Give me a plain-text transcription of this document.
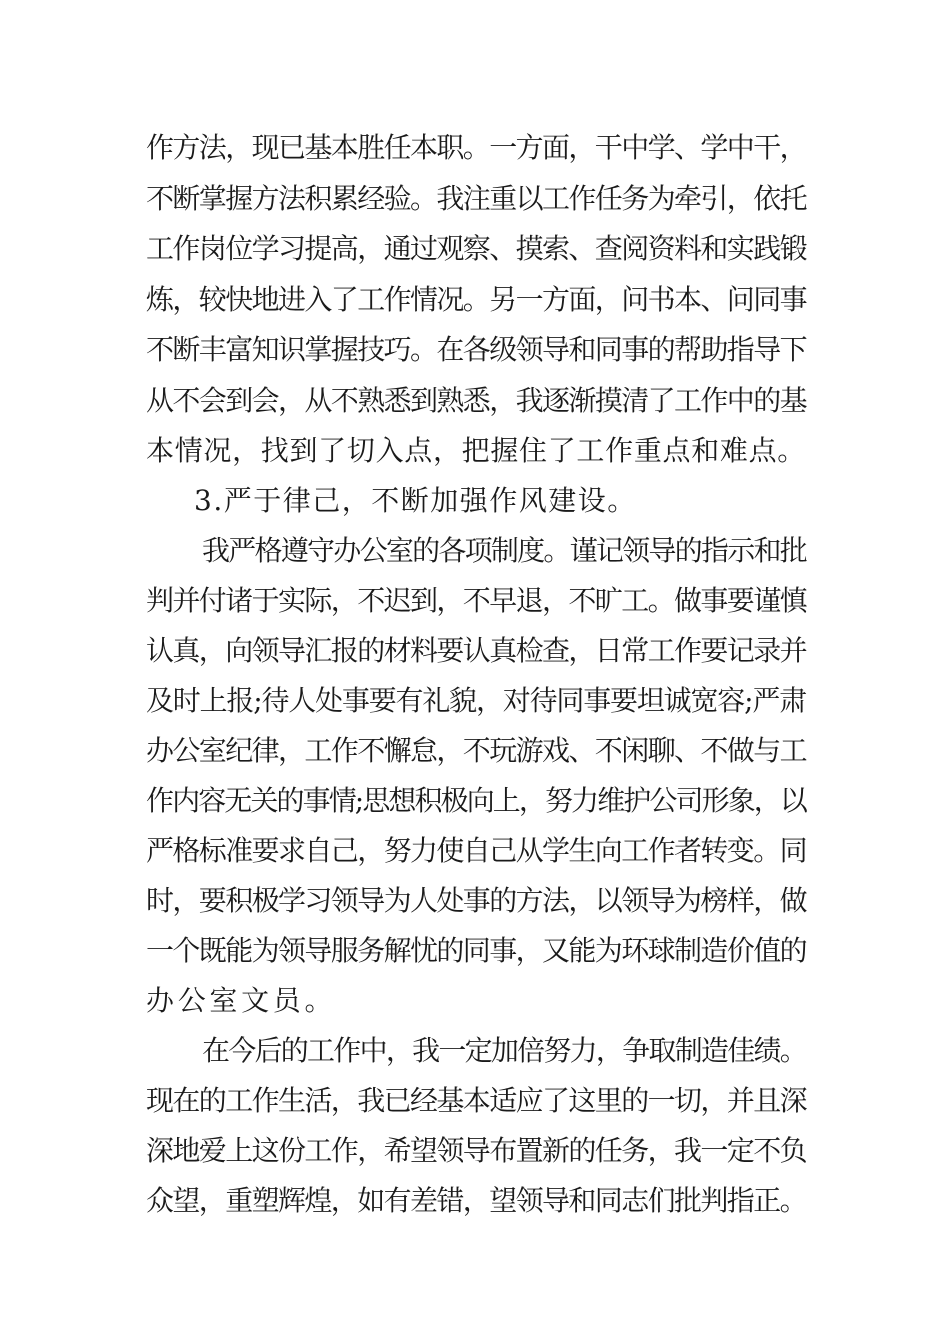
作方法，现已基本胜任本职。一方面，干中学、学中干，
不断掌握方法积累经验。我注重以工作任务为牵引，依托
工作岗位学习提高，通过观察、摸索、查阅资料和实践锻
炼，较快地进入了工作情况。另一方面，问书本、问同事
不断丰富知识掌握技巧。在各级领导和同事的帮助指导下
从不会到会，从不熟悉到熟悉，我逐渐摸清了工作中的基
本情况，找到了切入点，把握住了工作重点和难点。
3.严于律己，不断加强作风建设。
我严格遵守办公室的各项制度。谨记领导的指示和批
判并付诸于实际，不迟到，不早退，不旷工。做事要谨慎
认真，向领导汇报的材料要认真检查，日常工作要记录并
及时上报;待人处事要有礼貌，对待同事要坦诚宽容;严肃
办公室纪律，工作不懈怠，不玩游戏、不闲聊、不做与工
作内容无关的事情;思想积极向上，努力维护公司形象，以
严格标准要求自己，努力使自己从学生向工作者转变。同
时，要积极学习领导为人处事的方法，以领导为榜样，做
一个既能为领导服务解忧的同事，又能为环球制造价值的
办公室文员。
在今后的工作中，我一定加倍努力，争取制造佳绩。
现在的工作生活，我已经基本适应了这里的一切，并且深
深地爱上这份工作，希望领导布置新的任务，我一定不负
众望，重塑辉煌，如有差错，望领导和同志们批判指正。
